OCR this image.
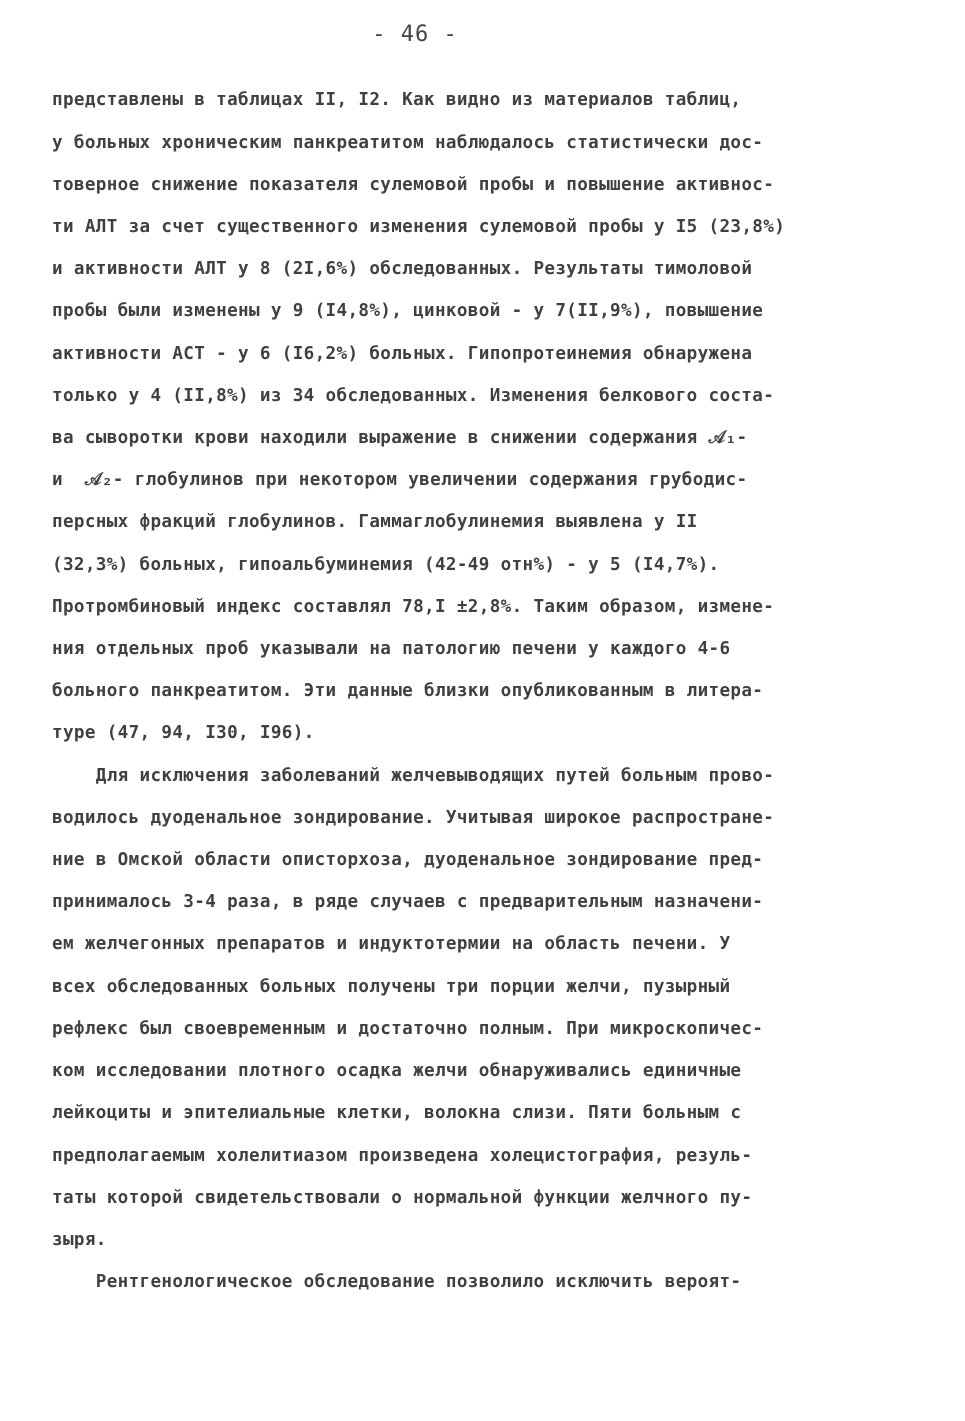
- 46 -
представлены в таблицах II, I2. Как видно из материалов таблиц,
у больных хроническим панкреатитом наблюдалось статистически дос-
товерное снижение показателя сулемовой пробы и повышение активнос-
ти АЛТ за счет существенного изменения сулемовой пробы у I5 (23,8%)
и активности АЛТ у 8 (2I,6%) обследованных. Результаты тимоловой
пробы были изменены у 9 (I4,8%), цинковой - у 7(II,9%), повышение
активности АСТ - у 6 (I6,2%) больных. Гипопротеинемия обнаружена
только у 4 (II,8%) из 34 обследованных. Изменения белкового соста-
ва сыворотки крови находили выражение в снижении содержания 𝒜₁-
и  𝒜₂- глобулинов при некотором увеличении содержания грубодис-
персных фракций глобулинов. Гаммаглобулинемия выявлена у II
(32,3%) больных, гипоальбуминемия (42-49 отн%) - у 5 (I4,7%).
Протромбиновый индекс составлял 78,I ±2,8%. Таким образом, измене-
ния отдельных проб указывали на патологию печени у каждого 4-6
больного панкреатитом. Эти данные близки опубликованным в литера-
туре (47, 94, I30, I96).
Для исключения заболеваний желчевыводящих путей больным прово-
водилось дуоденальное зондирование. Учитывая широкое распростране-
ние в Омской области описторхоза, дуоденальное зондирование пред-
принималось 3-4 раза, в ряде случаев с предварительным назначени-
ем желчегонных препаратов и индуктотермии на область печени. У
всех обследованных больных получены три порции желчи, пузырный
рефлекс был своевременным и достаточно полным. При микроскопичес-
ком исследовании плотного осадка желчи обнаруживались единичные
лейкоциты и эпителиальные клетки, волокна слизи. Пяти больным с
предполагаемым холелитиазом произведена холецистография, резуль-
таты которой свидетельствовали о нормальной функции желчного пу-
зыря.
Рентгенологическое обследование позволило исключить вероят-
